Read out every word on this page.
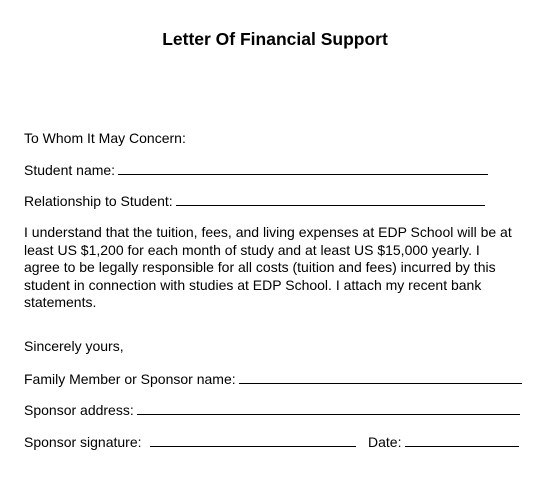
Letter Of Financial Support
To Whom It May Concern:
Student name:
Relationship to Student:
I understand that the tuition, fees, and living expenses at EDP School will be at
least US $1,200 for each month of study and at least US $15,000 yearly. I
agree to be legally responsible for all costs (tuition and fees) incurred by this
student in connection with studies at EDP School. I attach my recent bank
statements.
Sincerely yours,
Family Member or Sponsor name:
Sponsor address:
Sponsor signature:	Date:
